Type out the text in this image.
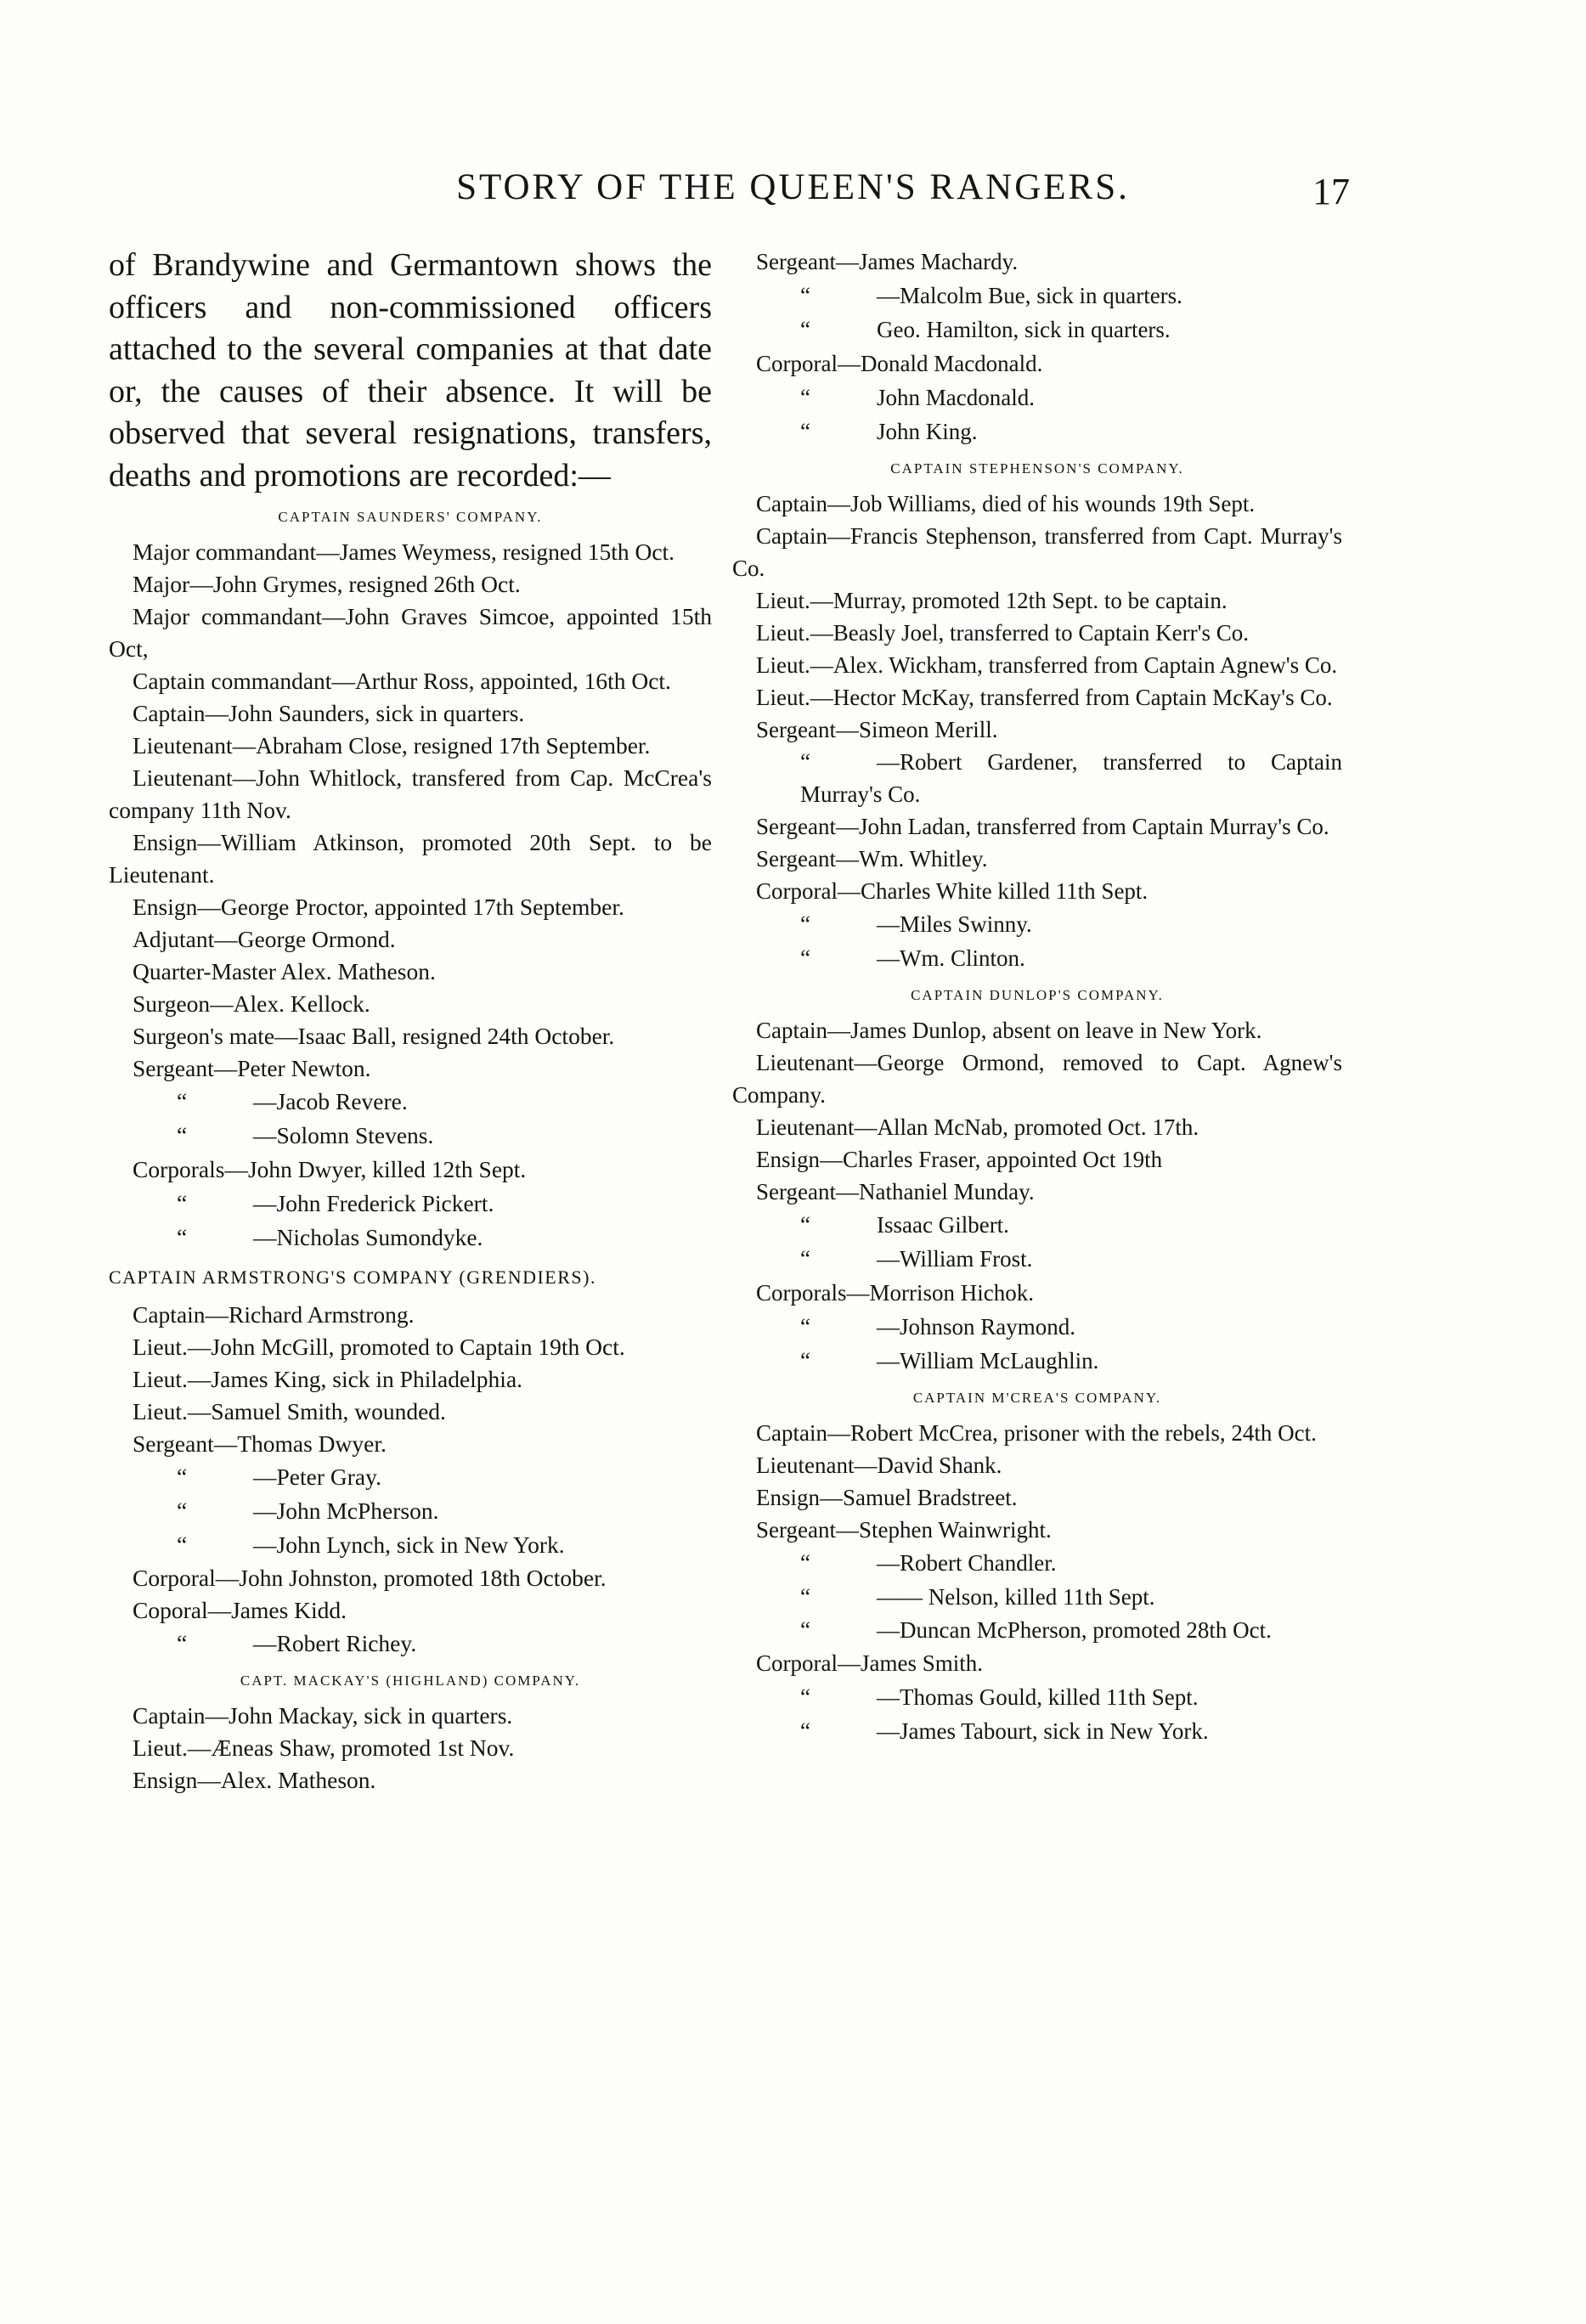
STORY OF THE QUEEN'S RANGERS.	17

of Brandywine and Germantown shows the officers and non-commissioned officers attached to the several companies at that date or, the causes of their absence. It will be observed that several resignations, transfers, deaths and promotions are recorded:—

CAPTAIN SAUNDERS' COMPANY.

Major commandant—James Weymess, resigned 15th Oct.

Major—John Grymes, resigned 26th Oct.

Major commandant—John Graves Simcoe, appointed 15th Oct,

Captain commandant—Arthur Ross, appointed, 16th Oct.

Captain—John Saunders, sick in quarters.

Lieutenant—Abraham Close, resigned 17th September.

Lieutenant—John Whitlock, transfered from Cap. McCrea's company 11th Nov.

Ensign—William Atkinson, promoted 20th Sept. to be Lieutenant.

Ensign—George Proctor, appointed 17th September.

Adjutant—George Ormond.

Quarter-Master Alex. Matheson.

Surgeon—Alex. Kellock.

Surgeon's mate—Isaac Ball, resigned 24th October.

Sergeant—Peter Newton.

“	—Jacob Revere.

“	—Solomn Stevens.

Corporals—John Dwyer, killed 12th Sept.

“	—John Frederick Pickert.

“	—Nicholas Sumondyke.

CAPTAIN ARMSTRONG'S COMPANY (GRENDIERS).

Captain—Richard Armstrong.

Lieut.—John McGill, promoted to Captain 19th Oct.

Lieut.—James King, sick in Philadelphia.

Lieut.—Samuel Smith, wounded.

Sergeant—Thomas Dwyer.

“	—Peter Gray.

“	—John McPherson.

“	—John Lynch, sick in New York.

Corporal—John Johnston, promoted 18th October.

Coporal—James Kidd.

“	—Robert Richey.

CAPT. MACKAY'S (HIGHLAND) COMPANY.

Captain—John Mackay, sick in quarters.

Lieut.—Æneas Shaw, promoted 1st Nov.

Ensign—Alex. Matheson.

Sergeant—James Machardy.

“	—Malcolm Bue, sick in quarters.

“	Geo. Hamilton, sick in quarters.

Corporal—Donald Macdonald.

“	John Macdonald.

“	John King.

CAPTAIN STEPHENSON'S COMPANY.

Captain—Job Williams, died of his wounds 19th Sept.

Captain—Francis Stephenson, transferred from Capt. Murray's Co.

Lieut.—Murray, promoted 12th Sept. to be captain.

Lieut.—Beasly Joel, transferred to Captain Kerr's Co.

Lieut.—Alex. Wickham, transferred from Captain Agnew's Co.

Lieut.—Hector McKay, transferred from Captain McKay's Co.

Sergeant—Simeon Merill.

“	—Robert Gardener, transferred to Captain Murray's Co.

Sergeant—John Ladan, transferred from Captain Murray's Co.

Sergeant—Wm. Whitley.

Corporal—Charles White killed 11th Sept.

“	—Miles Swinny.

“	—Wm. Clinton.

CAPTAIN DUNLOP'S COMPANY.

Captain—James Dunlop, absent on leave in New York.

Lieutenant—George Ormond, removed to Capt. Agnew's Company.

Lieutenant—Allan McNab, promoted Oct. 17th.

Ensign—Charles Fraser, appointed Oct 19th

Sergeant—Nathaniel Munday.

“	Issaac Gilbert.

“	—William Frost.

Corporals—Morrison Hichok.

“	—Johnson Raymond.

“	—William McLaughlin.

CAPTAIN M'CREA'S COMPANY.

Captain—Robert McCrea, prisoner with the rebels, 24th Oct.

Lieutenant—David Shank.

Ensign—Samuel Bradstreet.

Sergeant—Stephen Wainwright.

“	—Robert Chandler.

“	—— Nelson, killed 11th Sept.

“	—Duncan McPherson, promoted 28th Oct.

Corporal—James Smith.

“	—Thomas Gould, killed 11th Sept.

“	—James Tabourt, sick in New York.
